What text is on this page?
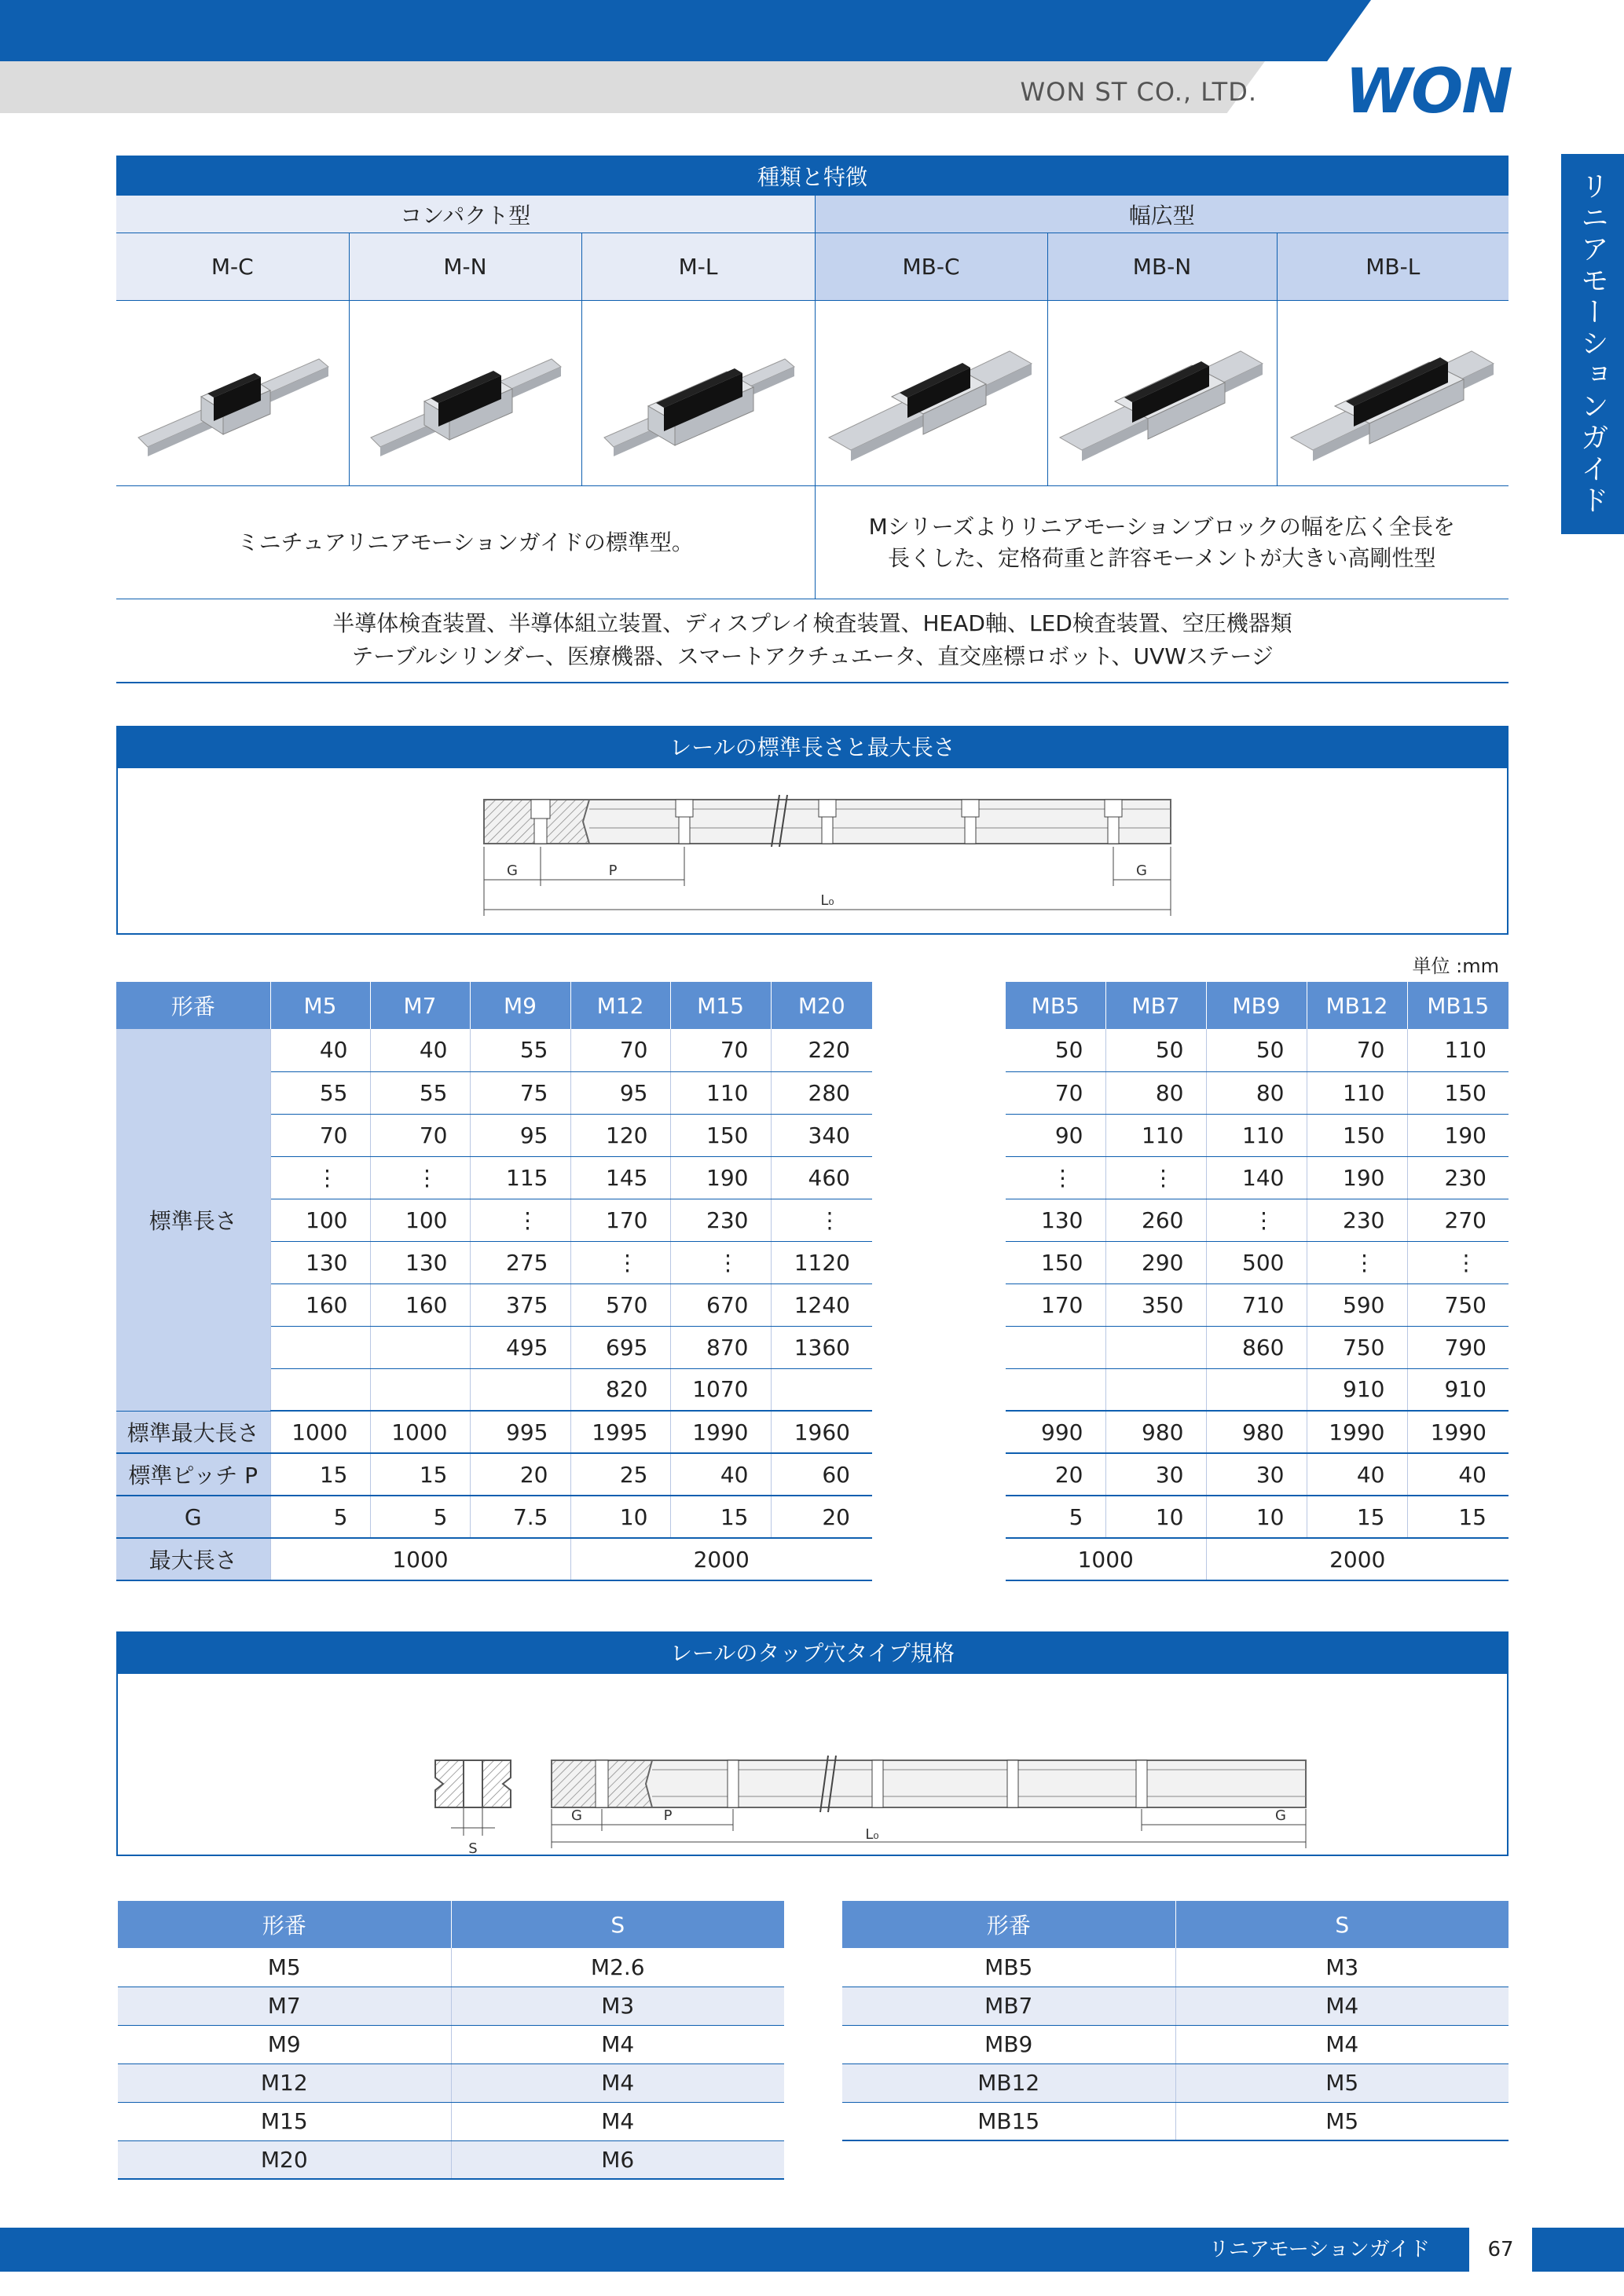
WON ST CO., LTD. WON
リニアモーションガイド
種類と特徴					
コンパクト型			幅広型		
M-C	M-N	M-L	MB-C	MB-N	MB-L

ミニチュアリニアモーションガイドの標準型。			Mシリーズよりリニアモーションブロックの幅を広く全長を
長くした、定格荷重と許容モーメントが大きい高剛性型		

半導体検査装置、半導体組立装置、ディスプレイ検査装置、HEAD軸、LED検査装置、空圧機器類
テーブルシリンダー、医療機器、スマートアクチュエータ、直交座標ロボット、UVWステージ					
レールの標準長さと最大長さ
G	P	G
L₀
単位 :mm
形番	M5	M7	M9	M12	M15	M20
標準長さ	40	40	55	70	70	220
	55	55	75	95	110	280
	70	70	95	120	150	340
	⋮	⋮	115	145	190	460
	100	100	⋮	170	230	⋮
	130	130	275	⋮	⋮	1120
	160	160	375	570	670	1240
			495	695	870	1360
				820	1070	
標準最大長さ	1000	1000	995	1995	1990	1960
標準ピッチ P	15	15	20	25	40	60
G	5	5	7.5	10	15	20
最大長さ	1000			2000		
MB5	MB7	MB9	MB12	MB15
50	50	50	70	110
70	80	80	110	150
90	110	110	150	190
⋮	⋮	140	190	230
130	260	⋮	230	270
150	290	500	⋮	⋮
170	350	710	590	750
		860	750	790
			910	910
990	980	980	1990	1990
20	30	30	40	40
5	10	10	15	15
1000		2000		
レールのタップ穴タイプ規格
S
G	P	G
L₀
形番	S
M5	M2.6
M7	M3
M9	M4
M12	M4
M15	M4
M20	M6
形番	S
MB5	M3
MB7	M4
MB9	M4
MB12	M5
MB15	M5
リニアモーションガイド	67
